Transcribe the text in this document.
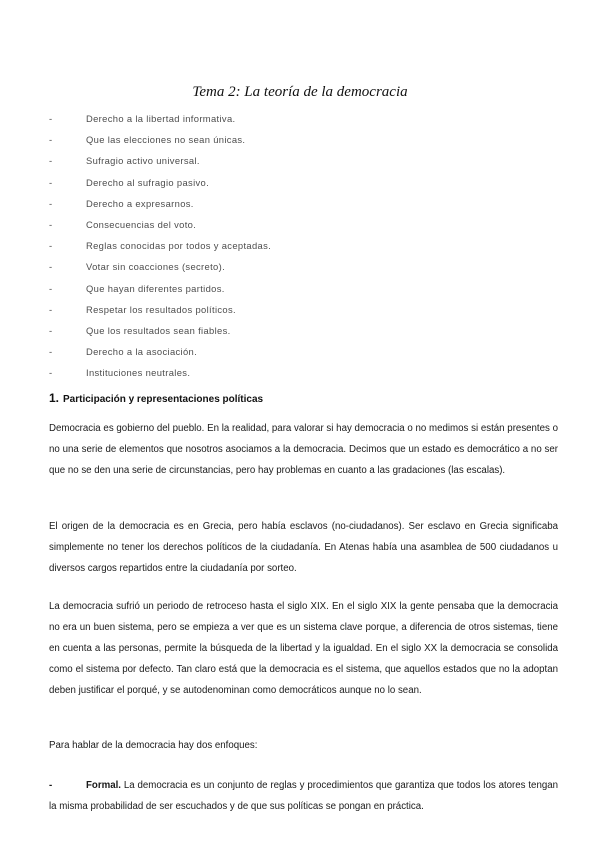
Tema 2: La teoría de la democracia
-	Derecho a la libertad informativa.
-	Que las elecciones no sean únicas.
-	Sufragio activo universal.
-	Derecho al sufragio pasivo.
-	Derecho a expresarnos.
-	Consecuencias del voto.
-	Reglas conocidas por todos y aceptadas.
-	Votar sin coacciones (secreto).
-	Que hayan diferentes partidos.
-	Respetar los resultados políticos.
-	Que los resultados sean fiables.
-	Derecho a la asociación.
-	Instituciones neutrales.
1. Participación y representaciones políticas

Democracia es gobierno del pueblo. En la realidad, para valorar si hay democracia o no medimos si están presentes o no una serie de elementos que nosotros asociamos a la democracia. Decimos que un estado es democrático a no ser que no se den una serie de circunstancias, pero hay problemas en cuanto a las gradaciones (las escalas).

El origen de la democracia es en Grecia, pero había esclavos (no-ciudadanos). Ser esclavo en Grecia significaba simplemente no tener los derechos políticos de la ciudadanía. En Atenas había una asamblea de 500 ciudadanos u diversos cargos repartidos entre la ciudadanía por sorteo.

La democracia sufrió un periodo de retroceso hasta el siglo XIX. En el siglo XIX la gente pensaba que la democracia no era un buen sistema, pero se empieza a ver que es un sistema clave porque, a diferencia de otros sistemas, tiene en cuenta a las personas, permite la búsqueda de la libertad y la igualdad. En el siglo XX la democracia se consolida como el sistema por defecto. Tan claro está que la democracia es el sistema, que aquellos estados que no la adoptan deben justificar el porqué, y se autodenominan como democráticos aunque no lo sean.

Para hablar de la democracia hay dos enfoques:

-	Formal. La democracia es un conjunto de reglas y procedimientos que garantiza que todos los atores tengan la misma probabilidad de ser escuchados y de que sus políticas se pongan en práctica.
